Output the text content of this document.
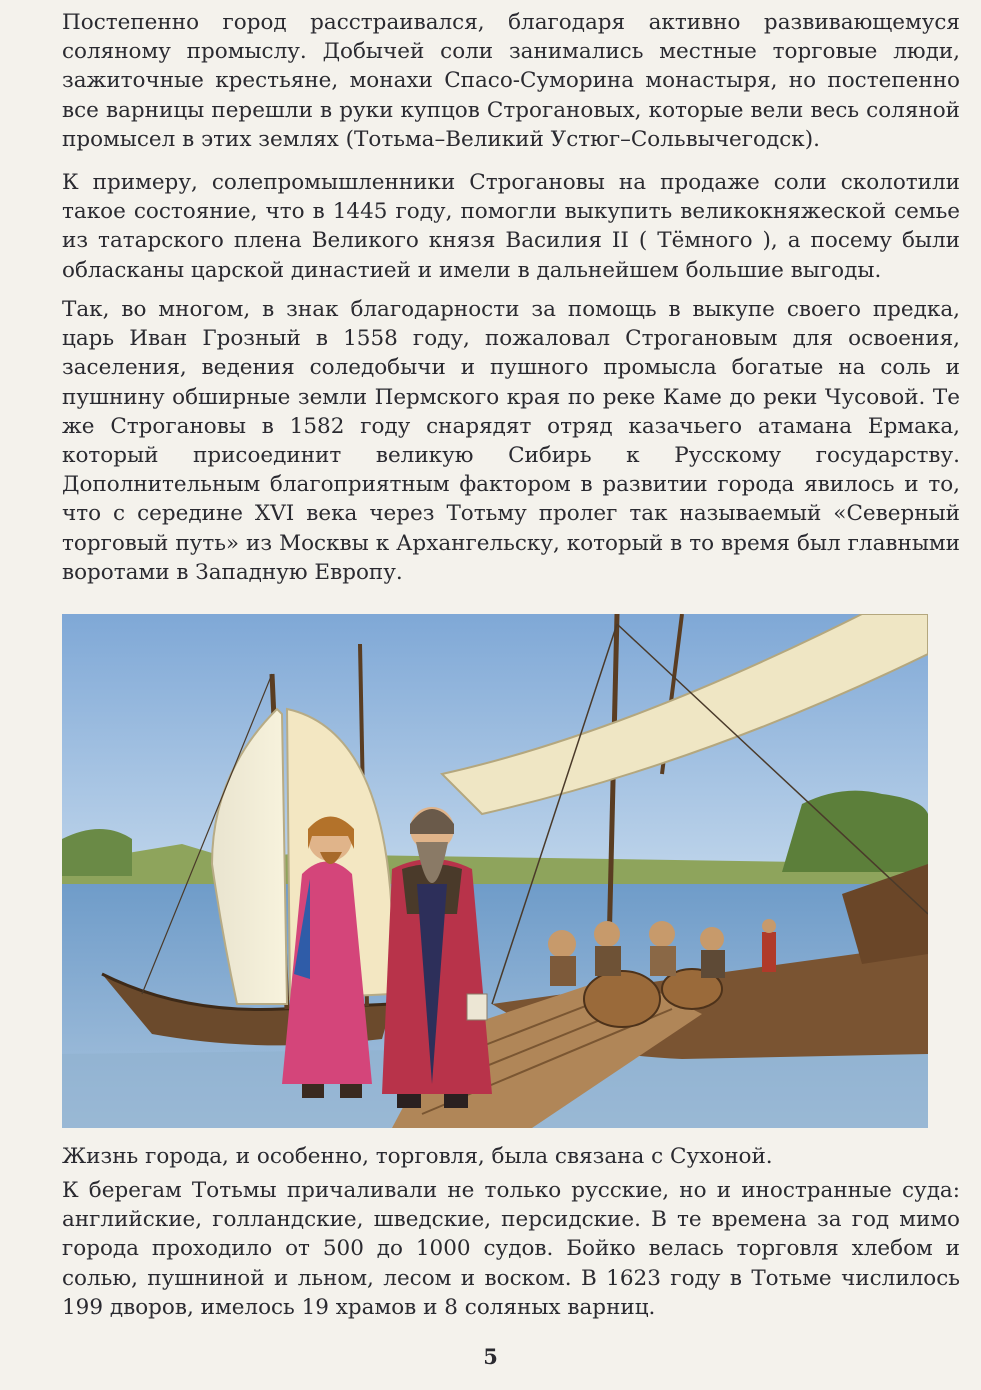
Постепенно город расстраивался, благодаря активно развивающемуся соляному промыслу. Добычей соли занимались местные торговые люди, зажиточные крестьяне, монахи Спасо-Суморина монастыря, но постепенно все варницы перешли в руки купцов Строгановых, которые вели весь соляной промысел в этих землях (Тотьма–Великий Устюг–Сольвычегодск).

К примеру, солепромышленники Строгановы на продаже соли сколотили такое состояние, что в 1445 году, помогли выкупить великокняжеской семье из татарского плена Великого князя Василия II ( Тёмного ), а посему были обласканы царской династией и имели в дальнейшем большие выгоды.

Так, во многом, в знак благодарности за помощь в выкупе своего предка, царь Иван Грозный в 1558 году, пожаловал Строгановым для освоения, заселения, ведения соледобычи и пушного промысла богатые на соль и пушнину обширные земли Пермского края по реке Каме до реки Чусовой. Те же Строгановы в 1582 году снарядят отряд казачьего атамана Ермака, который присоединит великую Сибирь к Русскому государству. Дополнительным благоприятным фактором в развитии города явилось и то, что с середине XVI века через Тотьму пролег так называемый «Северный торговый путь» из Москвы к Архангельску, который в то время был главными воротами в Западную Европу.

Жизнь города, и особенно, торговля, была связана с Сухоной.

К берегам Тотьмы причаливали не только русские, но и иностранные суда: английские, голландские, шведские, персидские. В те времена за год мимо города проходило от 500 до 1000 судов. Бойко велась торговля хлебом и солью, пушниной и льном, лесом и воском. В 1623 году в Тотьме числилось 199 дворов, имелось 19 храмов и 8 соляных варниц.

5
